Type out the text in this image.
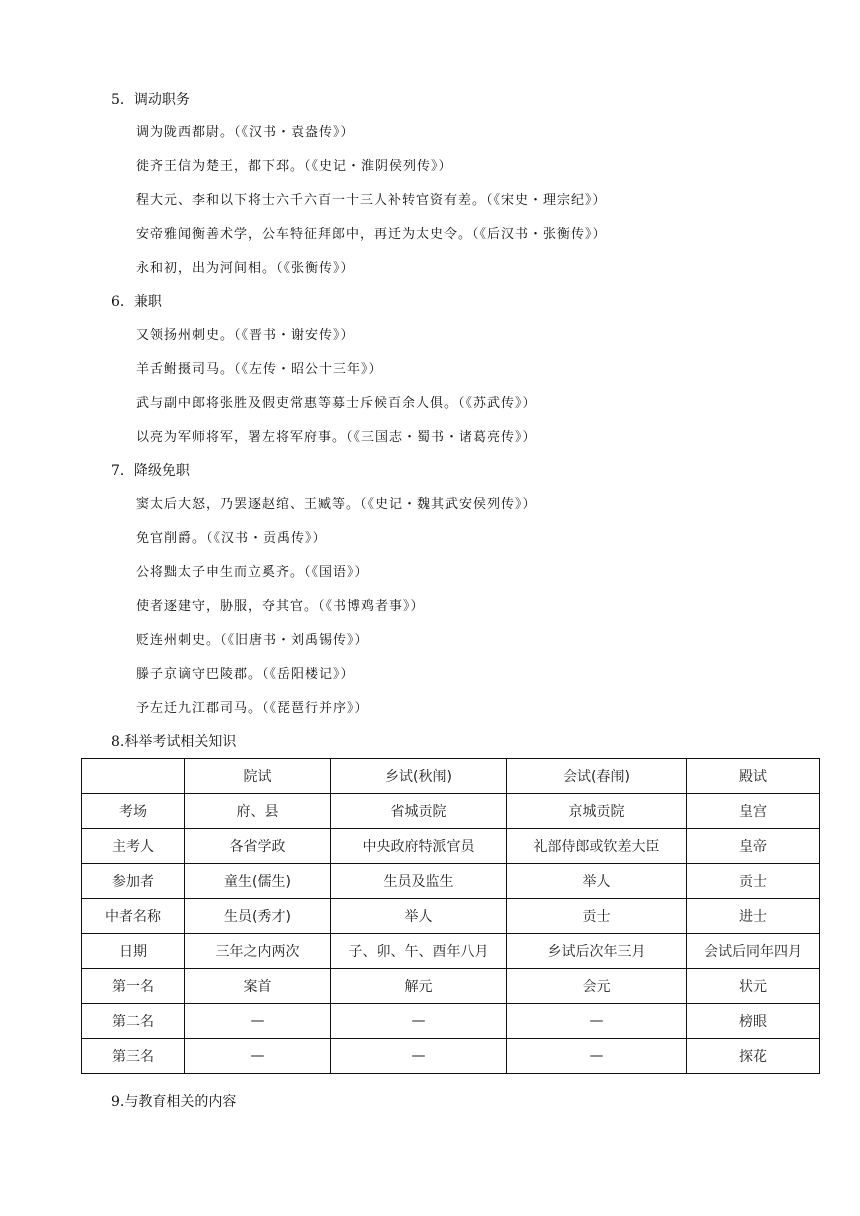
5．调动职务
调为陇西都尉。（《汉书・袁盎传》）
徙齐王信为楚王，都下邳。（《史记・淮阴侯列传》）
程大元、李和以下将士六千六百一十三人补转官资有差。（《宋史・理宗纪》）
安帝雅闻衡善术学，公车特征拜郎中，再迁为太史令。（《后汉书・张衡传》）
永和初，出为河间相。（《张衡传》）
6．兼职
又领扬州刺史。（《晋书・谢安传》）
羊舌鲋摄司马。（《左传・昭公十三年》）
武与副中郎将张胜及假吏常惠等募士斥候百余人俱。（《苏武传》）
以亮为军师将军，署左将军府事。（《三国志・蜀书・诸葛亮传》）
7．降级免职
窦太后大怒，乃罢逐赵绾、王臧等。（《史记・魏其武安侯列传》）
免官削爵。（《汉书・贡禹传》）
公将黜太子申生而立奚齐。（《国语》）
使者逐建守，胁服，夺其官。（《书博鸡者事》）
贬连州刺史。（《旧唐书・刘禹锡传》）
滕子京谪守巴陵郡。（《岳阳楼记》）
予左迁九江郡司马。（《琵琶行并序》）
8.科举考试相关知识
	院试	乡试(秋闱)	会试(春闱)	殿试
考场	府、县	省城贡院	京城贡院	皇宫
主考人	各省学政	中央政府特派官员	礼部侍郎或钦差大臣	皇帝
参加者	童生(儒生)	生员及监生	举人	贡士
中者名称	生员(秀才)	举人	贡士	进士
日期	三年之内两次	子、卯、午、酉年八月	乡试后次年三月	会试后同年四月
第一名	案首	解元	会元	状元
第二名	—	—	—	榜眼
第三名	—	—	—	探花
9.与教育相关的内容
